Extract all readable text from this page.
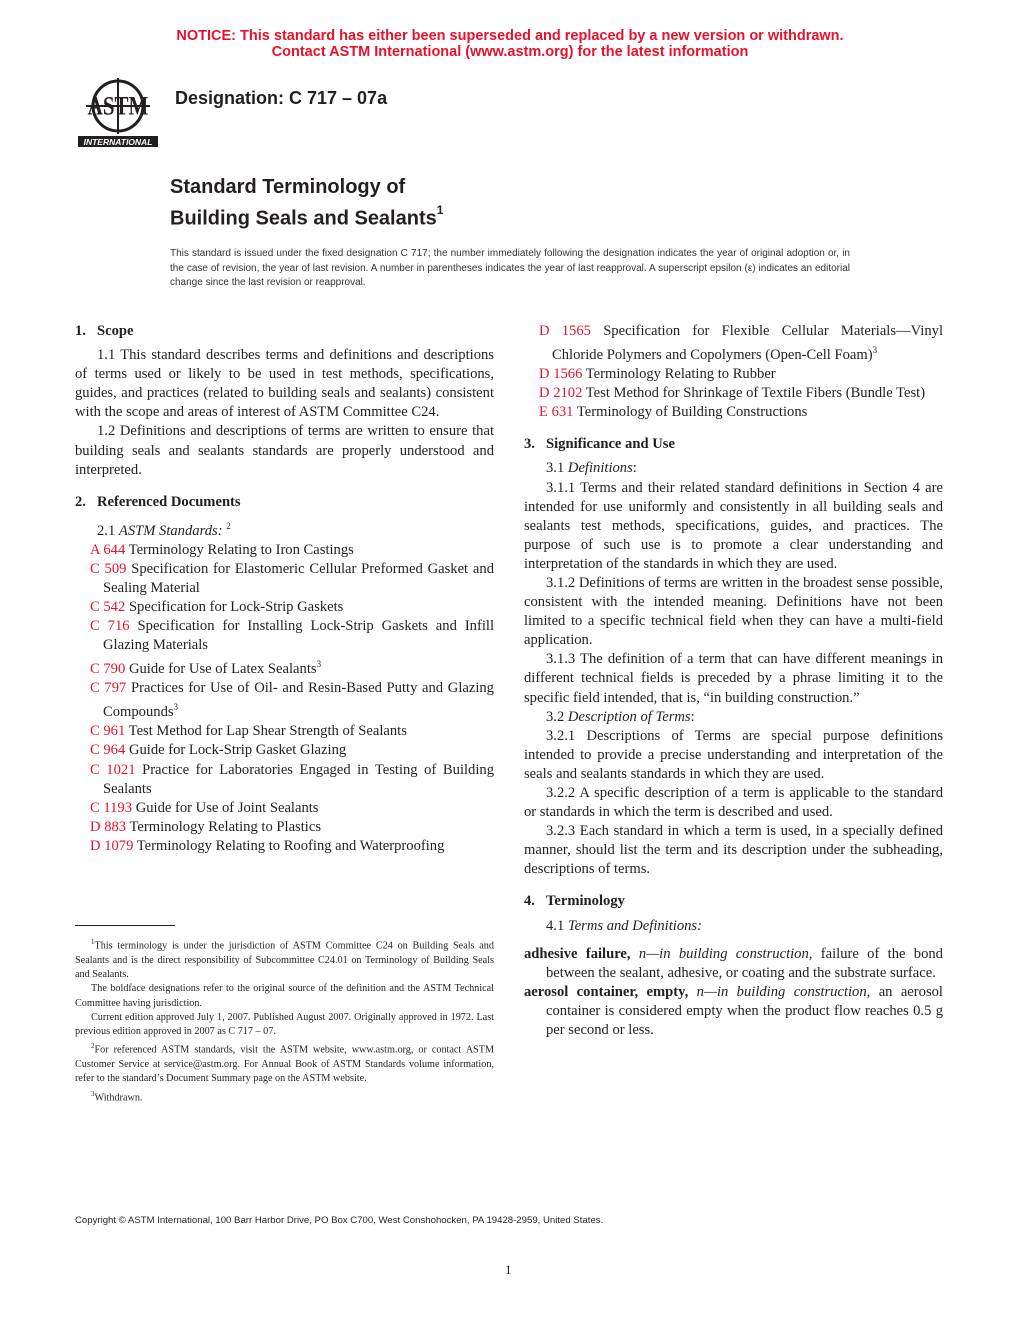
NOTICE: This standard has either been superseded and replaced by a new version or withdrawn.
Contact ASTM International (www.astm.org) for the latest information
ASTM
INTERNATIONAL
Designation: C 717 – 07a
Standard Terminology of
Building Seals and Sealants$^1$
This standard is issued under the fixed designation C 717; the number immediately following the designation indicates the year of original adoption or, in the case of revision, the year of last revision. A number in parentheses indicates the year of last reapproval. A superscript epsilon (ε) indicates an editorial change since the last revision or reapproval.
1. Scope

1.1 This standard describes terms and definitions and descriptions of terms used or likely to be used in test methods, specifications, guides, and practices (related to building seals and sealants) consistent with the scope and areas of interest of ASTM Committee C24.

1.2 Definitions and descriptions of terms are written to ensure that building seals and sealants standards are properly understood and interpreted.

2. Referenced Documents

2.1 ASTM Standards: $^2$

A 644 Terminology Relating to Iron Castings

C 509 Specification for Elastomeric Cellular Preformed Gasket and Sealing Material

C 542 Specification for Lock-Strip Gaskets

C 716 Specification for Installing Lock-Strip Gaskets and Infill Glazing Materials

C 790 Guide for Use of Latex Sealants$^3$

C 797 Practices for Use of Oil- and Resin-Based Putty and Glazing Compounds$^3$

C 961 Test Method for Lap Shear Strength of Sealants

C 964 Guide for Lock-Strip Gasket Glazing

C 1021 Practice for Laboratories Engaged in Testing of Building Sealants

C 1193 Guide for Use of Joint Sealants

D 883 Terminology Relating to Plastics

D 1079 Terminology Relating to Roofing and Waterproofing

D 1565 Specification for Flexible Cellular Materials—Vinyl Chloride Polymers and Copolymers (Open-Cell Foam)$^3$

D 1566 Terminology Relating to Rubber

D 2102 Test Method for Shrinkage of Textile Fibers (Bundle Test)

E 631 Terminology of Building Constructions

3. Significance and Use

3.1 Definitions:

3.1.1 Terms and their related standard definitions in Section 4 are intended for use uniformly and consistently in all building seals and sealants test methods, specifications, guides, and practices. The purpose of such use is to promote a clear understanding and interpretation of the standards in which they are used.

3.1.2 Definitions of terms are written in the broadest sense possible, consistent with the intended meaning. Definitions have not been limited to a specific technical field when they can have a multi-field application.

3.1.3 The definition of a term that can have different meanings in different technical fields is preceded by a phrase limiting it to the specific field intended, that is, “in building construction.”

3.2 Description of Terms:

3.2.1 Descriptions of Terms are special purpose definitions intended to provide a precise understanding and interpretation of the seals and sealants standards in which they are used.

3.2.2 A specific description of a term is applicable to the standard or standards in which the term is described and used.

3.2.3 Each standard in which a term is used, in a specially defined manner, should list the term and its description under the subheading, descriptions of terms.

4. Terminology

4.1 Terms and Definitions:

adhesive failure, n—in building construction, failure of the bond between the sealant, adhesive, or coating and the substrate surface.

aerosol container, empty, n—in building construction, an aerosol container is considered empty when the product flow reaches 0.5 g per second or less.

$^1$This terminology is under the jurisdiction of ASTM Committee C24 on Building Seals and Sealants and is the direct responsibility of Subcommittee C24.01 on Terminology of Building Seals and Sealants.

The boldface designations refer to the original source of the definition and the ASTM Technical Committee having jurisdiction.

Current edition approved July 1, 2007. Published August 2007. Originally approved in 1972. Last previous edition approved in 2007 as C 717 – 07.

$^2$For referenced ASTM standards, visit the ASTM website, www.astm.org, or contact ASTM Customer Service at service@astm.org. For Annual Book of ASTM Standards volume information, refer to the standard’s Document Summary page on the ASTM website.

$^3$Withdrawn.

Copyright © ASTM International, 100 Barr Harbor Drive, PO Box C700, West Conshohocken, PA 19428-2959, United States.
1
